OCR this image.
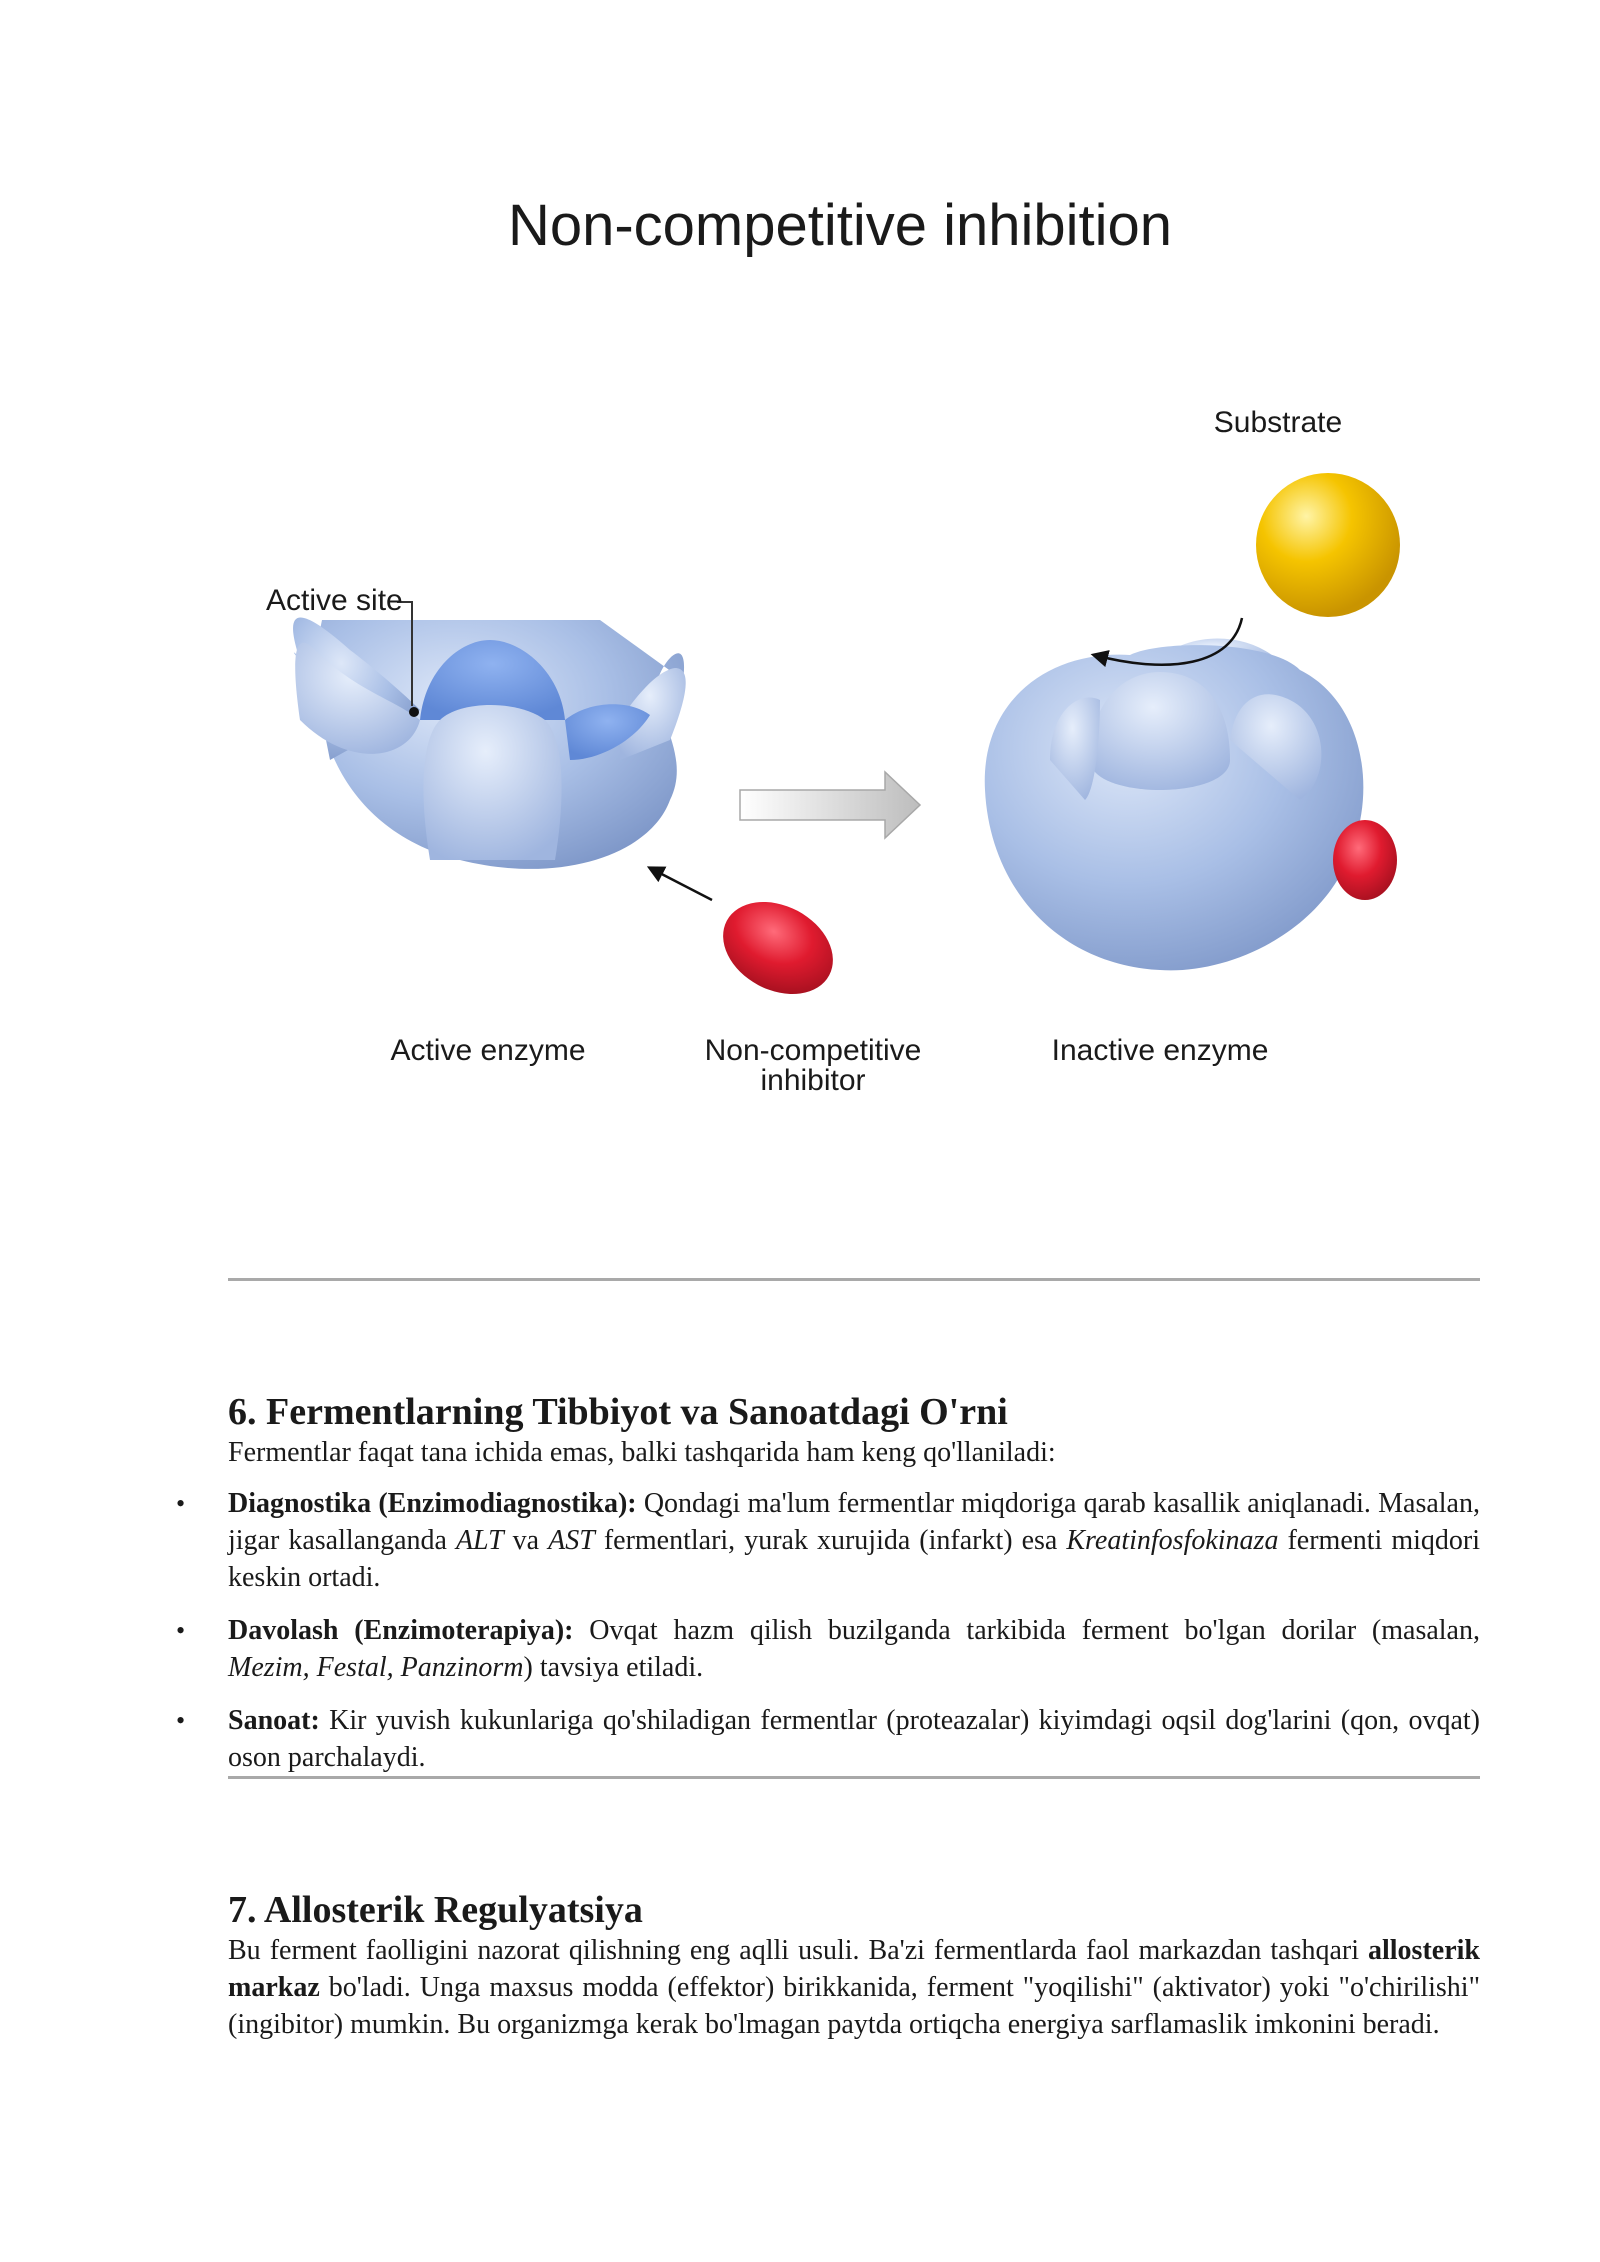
Non-competitive inhibition
Active site
Substrate
Active enzyme	Non-competitive
inhibitor
Inactive enzyme
6. Fermentlarning Tibbiyot va Sanoatdagi O'rni

Fermentlar faqat tana ichida emas, balki tashqarida ham keng qo'llaniladi:

• Diagnostika (Enzimodiagnostika): Qondagi ma'lum fermentlar miqdoriga qarab kasallik aniqlanadi. Masalan, jigar kasallanganda ALT va AST fermentlari, yurak xurujida (infarkt) esa Kreatinfosfokinaza fermenti miqdori keskin ortadi.
• Davolash (Enzimoterapiya): Ovqat hazm qilish buzilganda tarkibida ferment bo'lgan dorilar (masalan, Mezim, Festal, Panzinorm) tavsiya etiladi.
• Sanoat: Kir yuvish kukunlariga qo'shiladigan fermentlar (proteazalar) kiyimdagi oqsil dog'larini (qon, ovqat) oson parchalaydi.
7. Allosterik Regulyatsiya

Bu ferment faolligini nazorat qilishning eng aqlli usuli. Ba'zi fermentlarda faol markazdan tashqari allosterik markaz bo'ladi. Unga maxsus modda (effektor) birikkanida, ferment "yoqilishi" (aktivator) yoki "o'chirilishi" (ingibitor) mumkin. Bu organizmga kerak bo'lmagan paytda ortiqcha energiya sarflamaslik imkonini beradi.
